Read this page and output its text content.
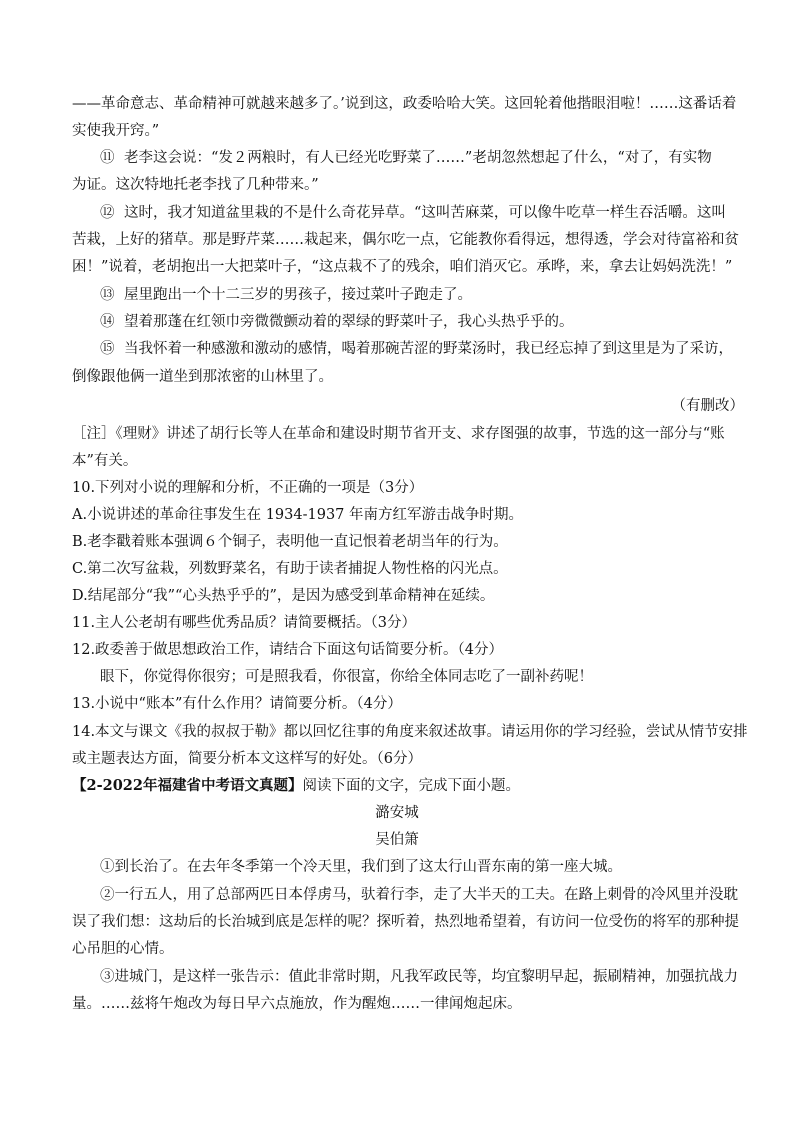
——革命意志、革命精神可就越来越多了。’说到这，政委哈哈大笑。这回轮着他揩眼泪啦！……这番话着
实使我开窍。”
⑪ 老李这会说：“发２两粮时，有人已经光吃野菜了……”老胡忽然想起了什么，“对了，有实物
为证。这次特地托老李找了几种带来。”
⑫ 这时，我才知道盆里栽的不是什么奇花异草。“这叫苦麻菜，可以像牛吃草一样生吞活嚼。这叫
苦栽，上好的猪草。那是野芹菜……栽起来，偶尔吃一点，它能教你看得远，想得透，学会对待富裕和贫
困！”说着，老胡抱出一大把菜叶子，“这点栽不了的残余，咱们消灭它。承晔，来，拿去让妈妈洗洗！”
⑬ 屋里跑出一个十二三岁的男孩子，接过菜叶子跑走了。
⑭ 望着那蓬在红领巾旁微微颤动着的翠绿的野菜叶子，我心头热乎乎的。
⑮ 当我怀着一种感激和激动的感情，喝着那碗苦涩的野菜汤时，我已经忘掉了到这里是为了采访，
倒像跟他俩一道坐到那浓密的山林里了。
（有删改）
［注］《理财》讲述了胡行长等人在革命和建设时期节省开支、求存图强的故事，节选的这一部分与“账
本”有关。
10.下列对小说的理解和分析，不正确的一项是（3分）
A.小说讲述的革命往事发生在 1934-1937 年南方红军游击战争时期。
B.老李戳着账本强调６个铜子，表明他一直记恨着老胡当年的行为。
C.第二次写盆栽，列数野菜名，有助于读者捕捉人物性格的闪光点。
D.结尾部分“我”“心头热乎乎的”，是因为感受到革命精神在延续。
11.主人公老胡有哪些优秀品质？请简要概括。（3分）
12.政委善于做思想政治工作，请结合下面这句话简要分析。（4分）
眼下，你觉得你很穷；可是照我看，你很富，你给全体同志吃了一副补药呢！
13.小说中“账本”有什么作用？请简要分析。（4分）
14.本文与课文《我的叔叔于勒》都以回忆往事的角度来叙述故事。请运用你的学习经验，尝试从情节安排
或主题表达方面，简要分析本文这样写的好处。（6分）
【2-2022年福建省中考语文真题】阅读下面的文字，完成下面小题。
潞安城
吴伯箫
①到长治了。在去年冬季第一个冷天里，我们到了这太行山晋东南的第一座大城。
②一行五人，用了总部两匹日本俘虏马，驮着行李，走了大半天的工夫。在路上刺骨的冷风里并没耽
误了我们想：这劫后的长治城到底是怎样的呢？探听着，热烈地希望着，有访问一位受伤的将军的那种提
心吊胆的心情。
③进城门，是这样一张告示：值此非常时期，凡我军政民等，均宜黎明早起，振刷精神，加强抗战力
量。……兹将午炮改为每日早六点施放，作为醒炮……一律闻炮起床。
